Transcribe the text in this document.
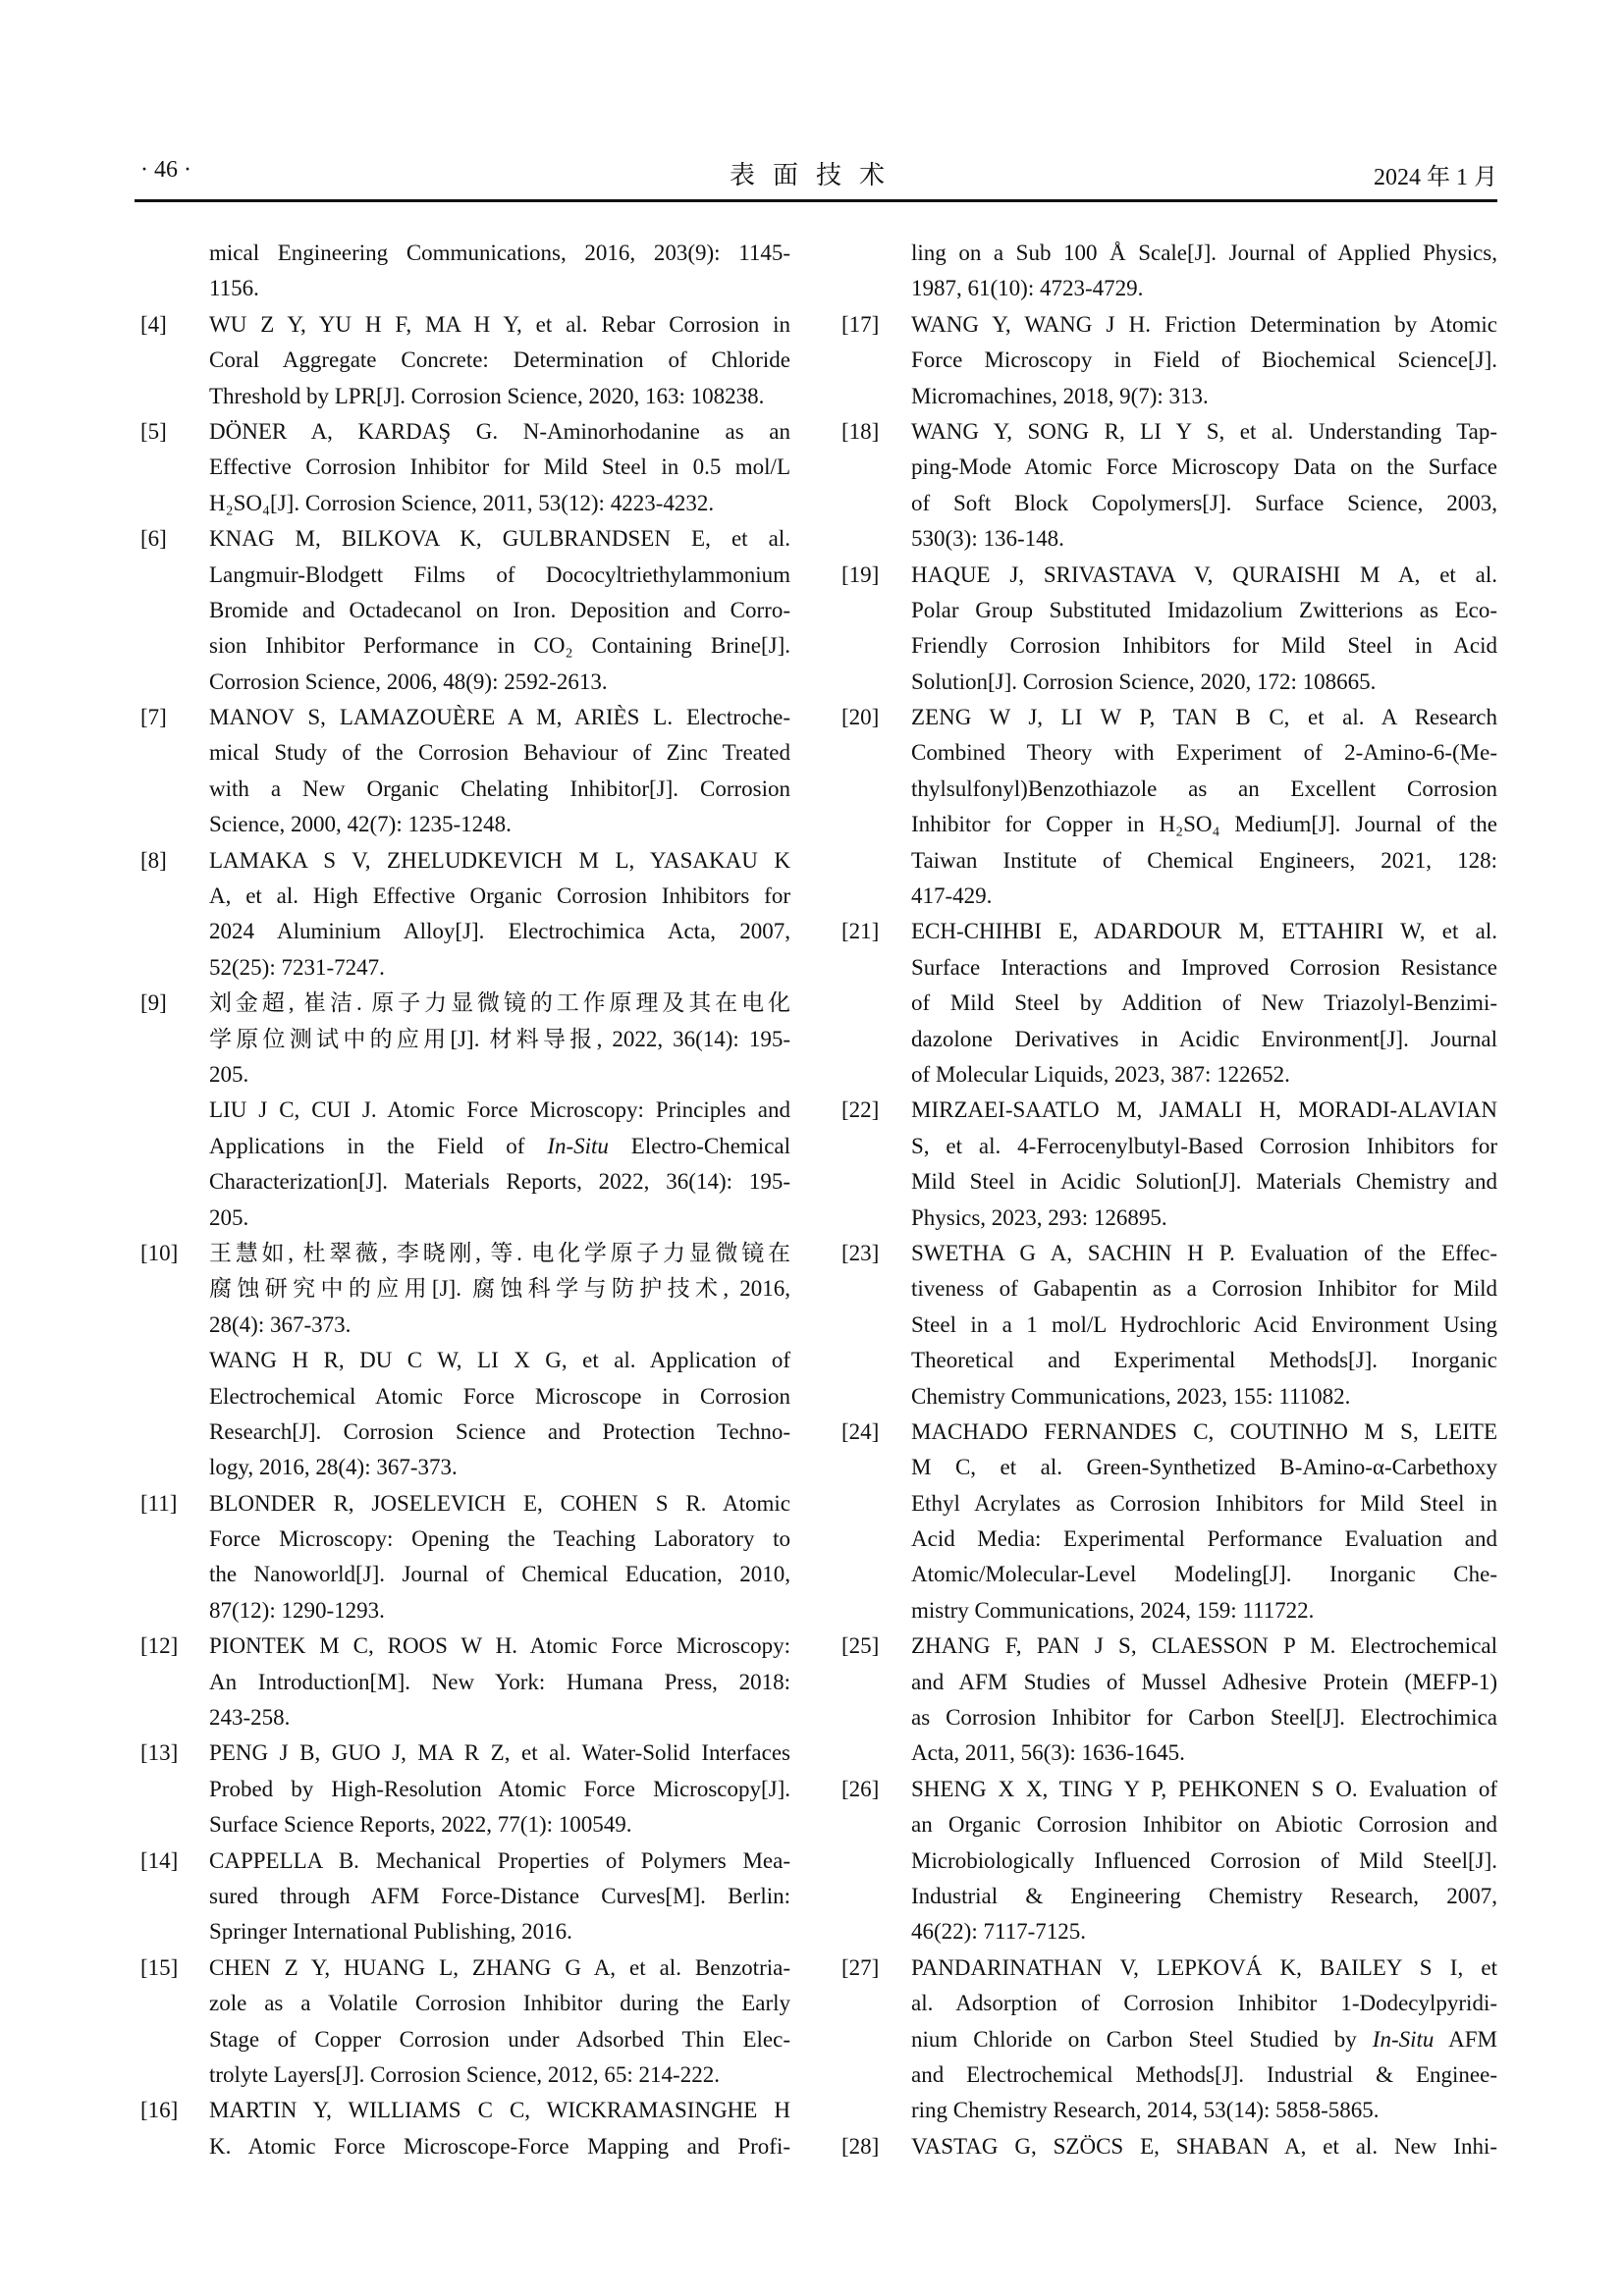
· 46 ·	表面技术	2024 年 1 月
mical Engineering Communications, 2016, 203(9): 1145-
1156.
[4] WU Z Y, YU H F, MA H Y, et al. Rebar Corrosion in
Coral Aggregate Concrete: Determination of Chloride
Threshold by LPR[J]. Corrosion Science, 2020, 163: 108238.
[5] DÖNER A, KARDAŞ G. N-Aminorhodanine as an
Effective Corrosion Inhibitor for Mild Steel in 0.5 mol/L
H₂SO₄[J]. Corrosion Science, 2011, 53(12): 4223-4232.
[6] KNAG M, BILKOVA K, GULBRANDSEN E, et al.
Langmuir-Blodgett Films of Dococyltriethylammonium
Bromide and Octadecanol on Iron. Deposition and Corro-
sion Inhibitor Performance in CO₂ Containing Brine[J].
Corrosion Science, 2006, 48(9): 2592-2613.
[7] MANOV S, LAMAZOUÈRE A M, ARIÈS L. Electroche-
mical Study of the Corrosion Behaviour of Zinc Treated
with a New Organic Chelating Inhibitor[J]. Corrosion
Science, 2000, 42(7): 1235-1248.
[8] LAMAKA S V, ZHELUDKEVICH M L, YASAKAU K
A, et al. High Effective Organic Corrosion Inhibitors for
2024 Aluminium Alloy[J]. Electrochimica Acta, 2007,
52(25): 7231-7247.
[9] 刘金超, 崔洁. 原子力显微镜的工作原理及其在电化
学原位测试中的应用[J]. 材料导报, 2022, 36(14): 195-
205.
LIU J C, CUI J. Atomic Force Microscopy: Principles and
Applications in the Field of In-Situ Electro-Chemical
Characterization[J]. Materials Reports, 2022, 36(14): 195-
205.
[10] 王慧如, 杜翠薇, 李晓刚, 等. 电化学原子力显微镜在
腐蚀研究中的应用[J]. 腐蚀科学与防护技术, 2016,
28(4): 367-373.
WANG H R, DU C W, LI X G, et al. Application of
Electrochemical Atomic Force Microscope in Corrosion
Research[J]. Corrosion Science and Protection Techno-
logy, 2016, 28(4): 367-373.
[11] BLONDER R, JOSELEVICH E, COHEN S R. Atomic
Force Microscopy: Opening the Teaching Laboratory to
the Nanoworld[J]. Journal of Chemical Education, 2010,
87(12): 1290-1293.
[12] PIONTEK M C, ROOS W H. Atomic Force Microscopy:
An Introduction[M]. New York: Humana Press, 2018:
243-258.
[13] PENG J B, GUO J, MA R Z, et al. Water-Solid Interfaces
Probed by High-Resolution Atomic Force Microscopy[J].
Surface Science Reports, 2022, 77(1): 100549.
[14] CAPPELLA B. Mechanical Properties of Polymers Mea-
sured through AFM Force-Distance Curves[M]. Berlin:
Springer International Publishing, 2016.
[15] CHEN Z Y, HUANG L, ZHANG G A, et al. Benzotria-
zole as a Volatile Corrosion Inhibitor during the Early
Stage of Copper Corrosion under Adsorbed Thin Elec-
trolyte Layers[J]. Corrosion Science, 2012, 65: 214-222.
[16] MARTIN Y, WILLIAMS C C, WICKRAMASINGHE H
K. Atomic Force Microscope-Force Mapping and Profi-
ling on a Sub 100 Å Scale[J]. Journal of Applied Physics,
1987, 61(10): 4723-4729.
[17] WANG Y, WANG J H. Friction Determination by Atomic
Force Microscopy in Field of Biochemical Science[J].
Micromachines, 2018, 9(7): 313.
[18] WANG Y, SONG R, LI Y S, et al. Understanding Tap-
ping-Mode Atomic Force Microscopy Data on the Surface
of Soft Block Copolymers[J]. Surface Science, 2003,
530(3): 136-148.
[19] HAQUE J, SRIVASTAVA V, QURAISHI M A, et al.
Polar Group Substituted Imidazolium Zwitterions as Eco-
Friendly Corrosion Inhibitors for Mild Steel in Acid
Solution[J]. Corrosion Science, 2020, 172: 108665.
[20] ZENG W J, LI W P, TAN B C, et al. A Research
Combined Theory with Experiment of 2-Amino-6-(Me-
thylsulfonyl)Benzothiazole as an Excellent Corrosion
Inhibitor for Copper in H₂SO₄ Medium[J]. Journal of the
Taiwan Institute of Chemical Engineers, 2021, 128:
417-429.
[21] ECH-CHIHBI E, ADARDOUR M, ETTAHIRI W, et al.
Surface Interactions and Improved Corrosion Resistance
of Mild Steel by Addition of New Triazolyl-Benzimi-
dazolone Derivatives in Acidic Environment[J]. Journal
of Molecular Liquids, 2023, 387: 122652.
[22] MIRZAEI-SAATLO M, JAMALI H, MORADI-ALAVIAN
S, et al. 4-Ferrocenylbutyl-Based Corrosion Inhibitors for
Mild Steel in Acidic Solution[J]. Materials Chemistry and
Physics, 2023, 293: 126895.
[23] SWETHA G A, SACHIN H P. Evaluation of the Effec-
tiveness of Gabapentin as a Corrosion Inhibitor for Mild
Steel in a 1 mol/L Hydrochloric Acid Environment Using
Theoretical and Experimental Methods[J]. Inorganic
Chemistry Communications, 2023, 155: 111082.
[24] MACHADO FERNANDES C, COUTINHO M S, LEITE
M C, et al. Green-Synthetized Β-Amino-α-Carbethoxy
Ethyl Acrylates as Corrosion Inhibitors for Mild Steel in
Acid Media: Experimental Performance Evaluation and
Atomic/Molecular-Level Modeling[J]. Inorganic Che-
mistry Communications, 2024, 159: 111722.
[25] ZHANG F, PAN J S, CLAESSON P M. Electrochemical
and AFM Studies of Mussel Adhesive Protein (MEFP-1)
as Corrosion Inhibitor for Carbon Steel[J]. Electrochimica
Acta, 2011, 56(3): 1636-1645.
[26] SHENG X X, TING Y P, PEHKONEN S O. Evaluation of
an Organic Corrosion Inhibitor on Abiotic Corrosion and
Microbiologically Influenced Corrosion of Mild Steel[J].
Industrial & Engineering Chemistry Research, 2007,
46(22): 7117-7125.
[27] PANDARINATHAN V, LEPKOVÁ K, BAILEY S I, et
al. Adsorption of Corrosion Inhibitor 1-Dodecylpyridi-
nium Chloride on Carbon Steel Studied by In-Situ AFM
and Electrochemical Methods[J]. Industrial & Enginee-
ring Chemistry Research, 2014, 53(14): 5858-5865.
[28] VASTAG G, SZÖCS E, SHABAN A, et al. New Inhi-
